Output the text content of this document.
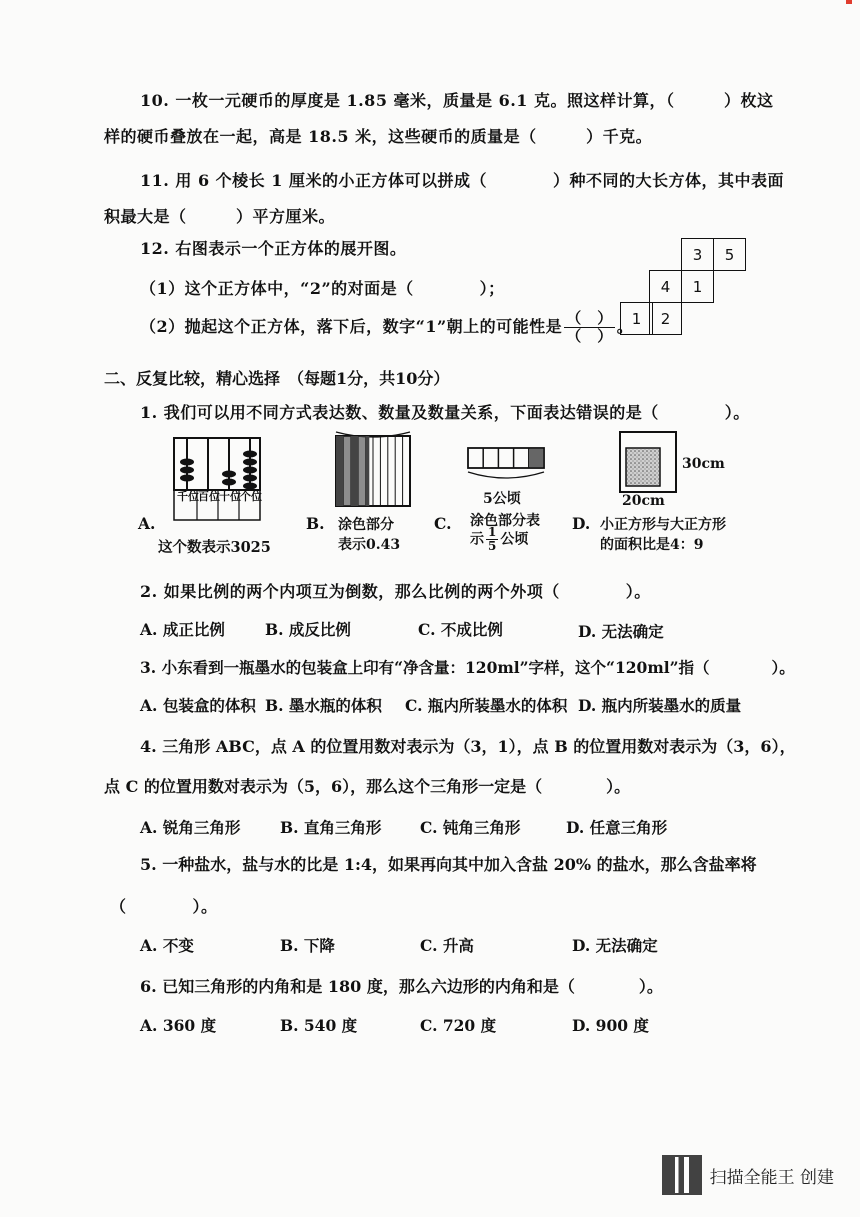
10. 一枚一元硬币的厚度是 1.85 毫米，质量是 6.1 克。照这样计算，（　　　）枚这
样的硬币叠放在一起，高是 18.5 米，这些硬币的质量是（　　　）千克。
11. 用 6 个棱长 1 厘米的小正方体可以拼成（　　　　）种不同的大长方体，其中表面
积最大是（　　　）平方厘米。
12. 右图表示一个正方体的展开图。
（1）这个正方体中，“2”的对面是（　　　　）；
（2）抛起这个正方体，落下后，数字“1”朝上的可能性是 $\frac{( )}{( )}$ 。
3	5
4	1
1	2
二、反复比较，精心选择　（每题1分，共10分）
1. 我们可以用不同方式表达数、数量及数量关系，下面表达错误的是（　　　　）。
千位 百位 十位 个位
A.
这个数表示3025
B. 涂色部分
表示0.43
5公顷
C. 涂色部分表
示 $\frac{1}{5}$ 公顷
30cm
20cm
D. 小正方形与大正方形
的面积比是4：9
2. 如果比例的两个内项互为倒数，那么比例的两个外项（　　　　）。
A. 成正比例	B. 成反比例	C. 不成比例	D. 无法确定
3. 小东看到一瓶墨水的包装盒上印有“净含量：120ml”字样，这个“120ml”指（　　　　）。
A. 包装盒的体积 B. 墨水瓶的体积 C. 瓶内所装墨水的体积 D. 瓶内所装墨水的质量
4. 三角形 ABC，点 A 的位置用数对表示为（3，1），点 B 的位置用数对表示为（3，6），
点 C 的位置用数对表示为（5，6），那么这个三角形一定是（　　　　）。
A. 锐角三角形	B. 直角三角形 C. 钝角三角形	D. 任意三角形
5. 一种盐水，盐与水的比是 1:4，如果再向其中加入含盐 20% 的盐水，那么含盐率将
（　　　　）。
A. 不变	B. 下降	C. 升高	D. 无法确定
6. 已知三角形的内角和是 180 度，那么六边形的内角和是（　　　　）。
A. 360 度	B. 540 度	C. 720 度	D. 900 度
扫描全能王 创建
